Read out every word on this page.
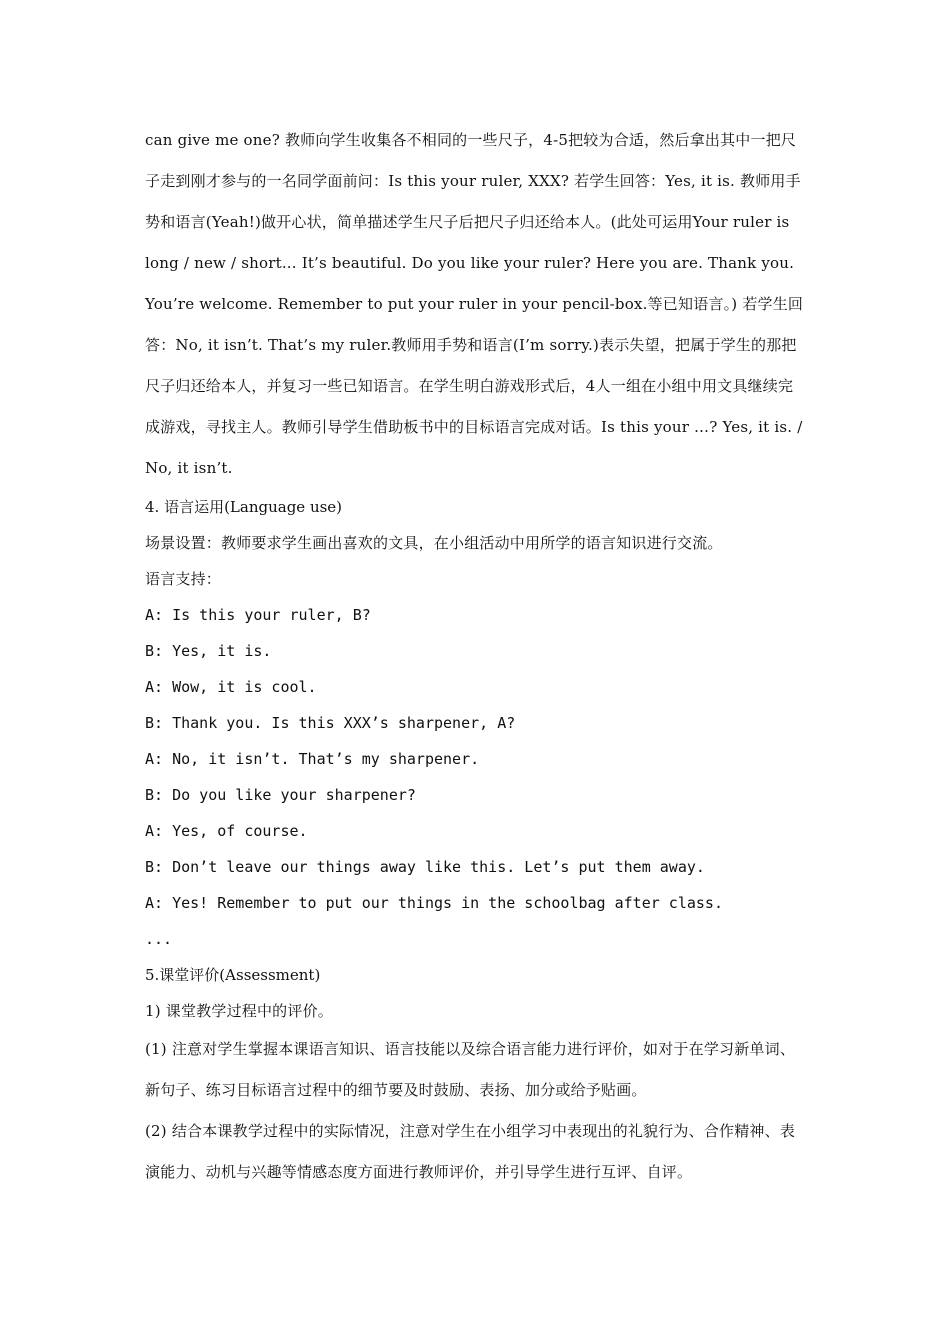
can give me one? 教师向学生收集各不相同的一些尺子，4-5把较为合适，然后拿出其中一把尺子走到刚才参与的一名同学面前问：Is this your ruler, XXX? 若学生回答：Yes, it is. 教师用手势和语言(Yeah!)做开心状，简单描述学生尺子后把尺子归还给本人。(此处可运用Your ruler is long / new / short... It’s beautiful. Do you like your ruler? Here you are. Thank you. You’re welcome. Remember to put your ruler in your pencil-box.等已知语言。) 若学生回答：No, it isn’t. That’s my ruler.教师用手势和语言(I’m sorry.)表示失望，把属于学生的那把尺子归还给本人，并复习一些已知语言。在学生明白游戏形式后，4人一组在小组中用文具继续完成游戏，寻找主人。教师引导学生借助板书中的目标语言完成对话。Is this your …? Yes, it is. / No, it isn’t.

4. 语言运用(Language use)

场景设置：教师要求学生画出喜欢的文具，在小组活动中用所学的语言知识进行交流。

语言支持：

A: Is this your ruler, B?
B: Yes, it is.
A: Wow, it is cool.
B: Thank you. Is this XXX’s sharpener, A?
A: No, it isn’t. That’s my sharpener.
B: Do you like your sharpener?
A: Yes, of course.
B: Don’t leave our things away like this. Let’s put them away.
A: Yes! Remember to put our things in the schoolbag after class.
...

5.课堂评价(Assessment)

1) 课堂教学过程中的评价。

(1) 注意对学生掌握本课语言知识、语言技能以及综合语言能力进行评价，如对于在学习新单词、新句子、练习目标语言过程中的细节要及时鼓励、表扬、加分或给予贴画。

(2) 结合本课教学过程中的实际情况，注意对学生在小组学习中表现出的礼貌行为、合作精神、表演能力、动机与兴趣等情感态度方面进行教师评价，并引导学生进行互评、自评。
